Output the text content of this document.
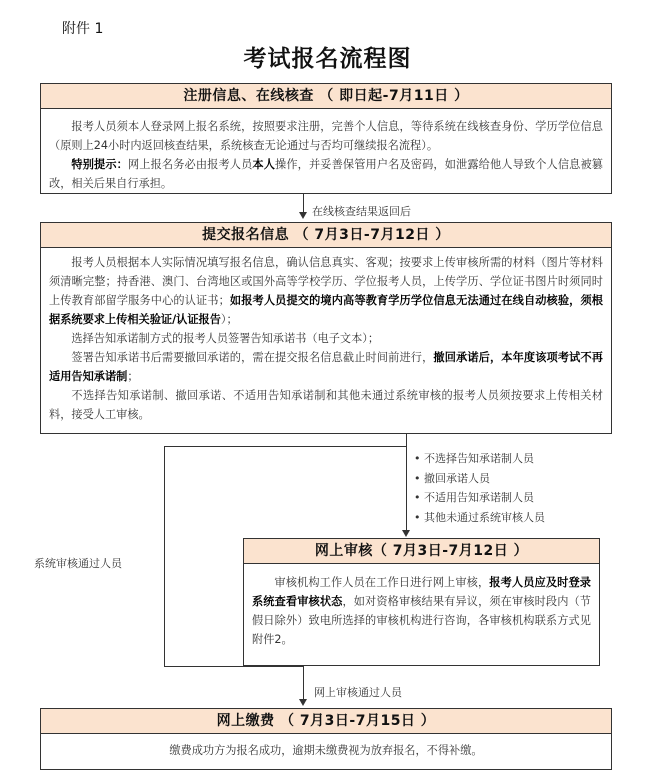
附件 1
考试报名流程图
注册信息、在线核查 （ 即日起-7月11日 ）

报考人员须本人登录网上报名系统，按照要求注册，完善个人信息，等待系统在线核查身份、学历学位信息（原则上24小时内返回核查结果，系统核查无论通过与否均可继续报名流程）。

特别提示：网上报名务必由报考人员本人操作，并妥善保管用户名及密码，如泄露给他人导致个人信息被篡改，相关后果自行承担。

在线核查结果返回后
提交报名信息 （ 7月3日-7月12日 ）

报考人员根据本人实际情况填写报名信息，确认信息真实、客观；按要求上传审核所需的材料（图片等材料须清晰完整；持香港、澳门、台湾地区或国外高等学校学历、学位报考人员，上传学历、学位证书图片时须同时上传教育部留学服务中心的认证书；如报考人员提交的境内高等教育学历学位信息无法通过在线自动核验，须根据系统要求上传相关验证/认证报告）；

选择告知承诺制方式的报考人员签署告知承诺书（电子文本）；

签署告知承诺书后需要撤回承诺的，需在提交报名信息截止时间前进行，撤回承诺后，本年度该项考试不再适用告知承诺制；

不选择告知承诺制、撤回承诺、不适用告知承诺制和其他未通过系统审核的报考人员须按要求上传相关材料，接受人工审核。

系统审核通过人员
• 不选择告知承诺制人员
• 撤回承诺人员
• 不适用告知承诺制人员
• 其他未通过系统审核人员
网上审核（ 7月3日-7月12日 ）

审核机构工作人员在工作日进行网上审核，报考人员应及时登录系统查看审核状态，如对资格审核结果有异议，须在审核时段内（节假日除外）致电所选择的审核机构进行咨询，各审核机构联系方式见附件2。

网上审核通过人员
网上缴费 （ 7月3日-7月15日 ）
缴费成功方为报名成功，逾期未缴费视为放弃报名，不得补缴。
